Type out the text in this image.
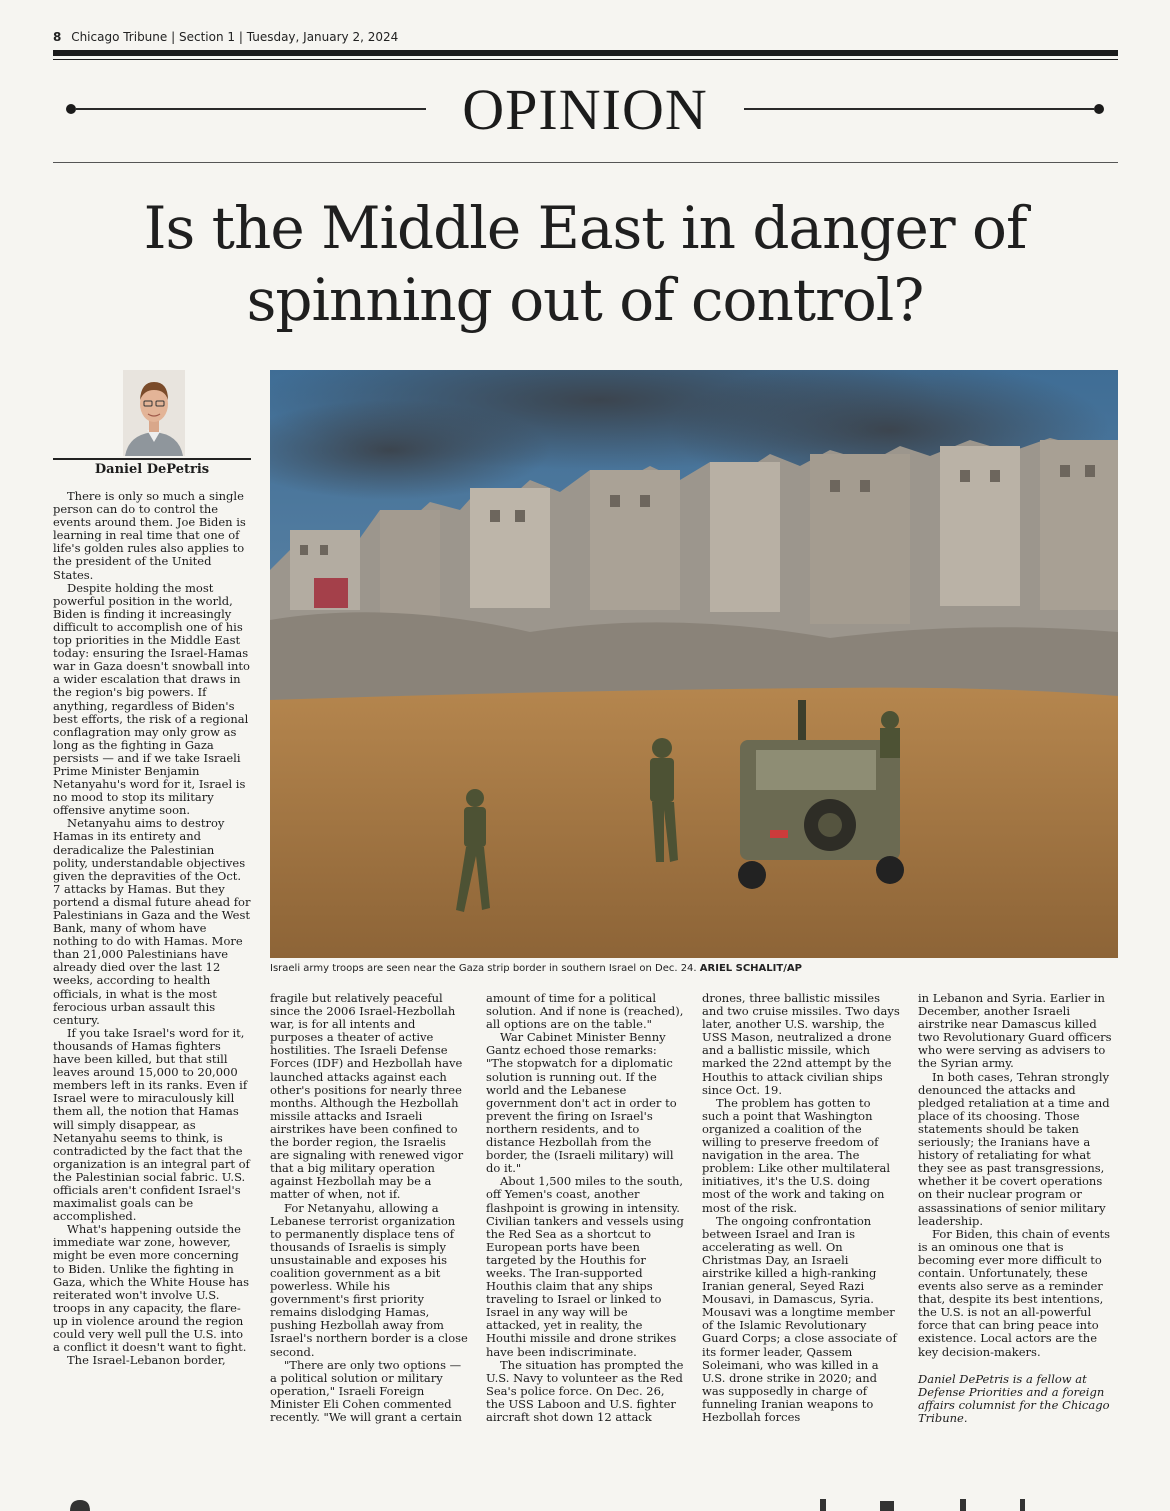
8 Chicago Tribune | Section 1 | Tuesday, January 2, 2024
OPINION
Is the Middle East in danger of spinning out of control?
Daniel DePetris
Israeli army troops are seen near the Gaza strip border in southern Israel on Dec. 24. ARIEL SCHALIT/AP

There is only so much a single person can do to control the events around them. Joe Biden is learning in real time that one of life's golden rules also applies to the president of the United States.

Despite holding the most powerful position in the world, Biden is finding it increasingly difficult to accomplish one of his top priorities in the Middle East today: ensuring the Israel-Hamas war in Gaza doesn't snowball into a wider escalation that draws in the region's big powers. If anything, regardless of Biden's best efforts, the risk of a regional conflagration may only grow as long as the fighting in Gaza persists — and if we take Israeli Prime Minister Benjamin Netanyahu's word for it, Israel is no mood to stop its military offensive anytime soon.

Netanyahu aims to destroy Hamas in its entirety and deradicalize the Palestinian polity, understandable objectives given the depravities of the Oct. 7 attacks by Hamas. But they portend a dismal future ahead for Palestinians in Gaza and the West Bank, many of whom have nothing to do with Hamas. More than 21,000 Palestinians have already died over the last 12 weeks, according to health officials, in what is the most ferocious urban assault this century.

If you take Israel's word for it, thousands of Hamas fighters have been killed, but that still leaves around 15,000 to 20,000 members left in its ranks. Even if Israel were to miraculously kill them all, the notion that Hamas will simply disappear, as Netanyahu seems to think, is contradicted by the fact that the organization is an integral part of the Palestinian social fabric. U.S. officials aren't confident Israel's maximalist goals can be accomplished.

What's happening outside the immediate war zone, however, might be even more concerning to Biden. Unlike the fighting in Gaza, which the White House has reiterated won't involve U.S. troops in any capacity, the flare-up in violence around the region could very well pull the U.S. into a conflict it doesn't want to fight.

The Israel-Lebanon border,

fragile but relatively peaceful since the 2006 Israel-Hezbollah war, is for all intents and purposes a theater of active hostilities. The Israeli Defense Forces (IDF) and Hezbollah have launched attacks against each other's positions for nearly three months. Although the Hezbollah missile attacks and Israeli airstrikes have been confined to the border region, the Israelis are signaling with renewed vigor that a big military operation against Hezbollah may be a matter of when, not if.

For Netanyahu, allowing a Lebanese terrorist organization to permanently displace tens of thousands of Israelis is simply unsustainable and exposes his coalition government as a bit powerless. While his government's first priority remains dislodging Hamas, pushing Hezbollah away from Israel's northern border is a close second.

"There are only two options — a political solution or military operation," Israeli Foreign Minister Eli Cohen commented recently. "We will grant a certain

amount of time for a political solution. And if none is (reached), all options are on the table."

War Cabinet Minister Benny Gantz echoed those remarks: "The stopwatch for a diplomatic solution is running out. If the world and the Lebanese government don't act in order to prevent the firing on Israel's northern residents, and to distance Hezbollah from the border, the (Israeli military) will do it."

About 1,500 miles to the south, off Yemen's coast, another flashpoint is growing in intensity. Civilian tankers and vessels using the Red Sea as a shortcut to European ports have been targeted by the Houthis for weeks. The Iran-supported Houthis claim that any ships traveling to Israel or linked to Israel in any way will be attacked, yet in reality, the Houthi missile and drone strikes have been indiscriminate.

The situation has prompted the U.S. Navy to volunteer as the Red Sea's police force. On Dec. 26, the USS Laboon and U.S. fighter aircraft shot down 12 attack

drones, three ballistic missiles and two cruise missiles. Two days later, another U.S. warship, the USS Mason, neutralized a drone and a ballistic missile, which marked the 22nd attempt by the Houthis to attack civilian ships since Oct. 19.

The problem has gotten to such a point that Washington organized a coalition of the willing to preserve freedom of navigation in the area. The problem: Like other multilateral initiatives, it's the U.S. doing most of the work and taking on most of the risk.

The ongoing confrontation between Israel and Iran is accelerating as well. On Christmas Day, an Israeli airstrike killed a high-ranking Iranian general, Seyed Razi Mousavi, in Damascus, Syria. Mousavi was a longtime member of the Islamic Revolutionary Guard Corps; a close associate of its former leader, Qassem Soleimani, who was killed in a U.S. drone strike in 2020; and was supposedly in charge of funneling Iranian weapons to Hezbollah forces

in Lebanon and Syria. Earlier in December, another Israeli airstrike near Damascus killed two Revolutionary Guard officers who were serving as advisers to the Syrian army.

In both cases, Tehran strongly denounced the attacks and pledged retaliation at a time and place of its choosing. Those statements should be taken seriously; the Iranians have a history of retaliating for what they see as past transgressions, whether it be covert operations on their nuclear program or assassinations of senior military leadership.

For Biden, this chain of events is an ominous one that is becoming ever more difficult to contain. Unfortunately, these events also serve as a reminder that, despite its best intentions, the U.S. is not an all-powerful force that can bring peace into existence. Local actors are the key decision-makers.

Daniel DePetris is a fellow at Defense Priorities and a foreign affairs columnist for the Chicago Tribune.
